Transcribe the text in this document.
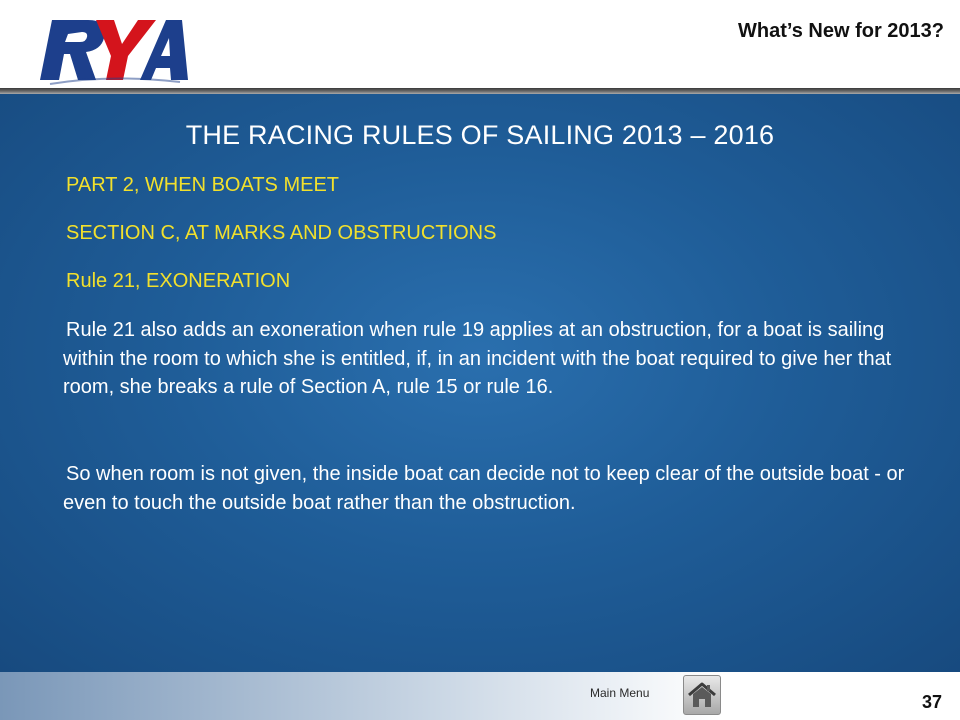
What’s New for 2013?
THE RACING RULES OF SAILING 2013 – 2016
PART 2, WHEN BOATS MEET
SECTION C, AT MARKS AND OBSTRUCTIONS
Rule 21, EXONERATION
Rule 21 also adds an exoneration when rule 19 applies at an obstruction, for a boat is sailing within the room to which she is entitled, if, in an incident with the boat required to give her that room, she breaks a rule of Section A, rule 15 or rule 16.
So when room is not given, the inside boat can decide not to keep clear of the outside boat - or even to touch the outside boat rather than the obstruction.
Main Menu	37
